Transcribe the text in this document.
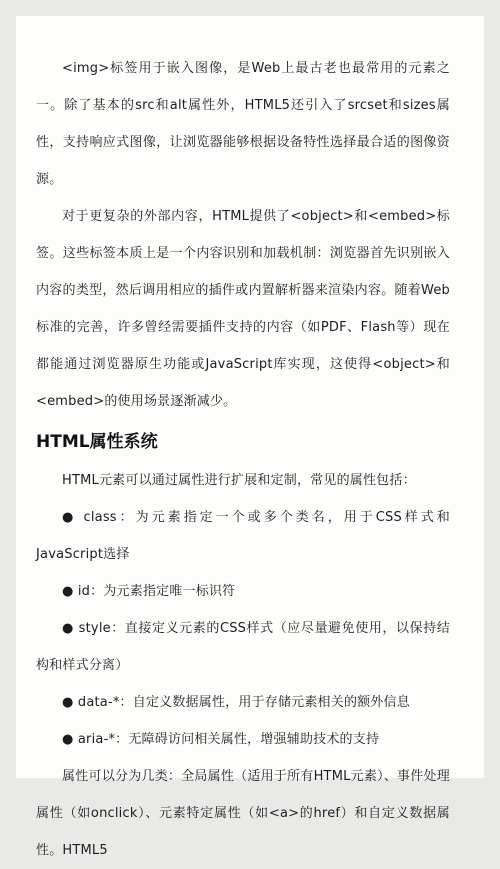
<img>标签用于嵌入图像，是Web上最古老也最常用的元素之一。除了基本的src和alt属性外，HTML5还引入了srcset和sizes属性，支持响应式图像，让浏览器能够根据设备特性选择最合适的图像资源。

对于更复杂的外部内容，HTML提供了<object>和<embed>标签。这些标签本质上是一个内容识别和加载机制：浏览器首先识别嵌入内容的类型，然后调用相应的插件或内置解析器来渲染内容。随着Web标准的完善，许多曾经需要插件支持的内容（如PDF、Flash等）现在都能通过浏览器原生功能或JavaScript库实现，这使得<object>和<embed>的使用场景逐渐减少。

HTML属性系统

HTML元素可以通过属性进行扩展和定制，常见的属性包括：

● class：为元素指定一个或多个类名，用于CSS样式和JavaScript选择

● id：为元素指定唯一标识符

● style：直接定义元素的CSS样式（应尽量避免使用，以保持结构和样式分离）

● data-*：自定义数据属性，用于存储元素相关的额外信息

● aria-*：无障碍访问相关属性，增强辅助技术的支持

属性可以分为几类：全局属性（适用于所有HTML元素）、事件处理属性（如onclick）、元素特定属性（如<a>的href）和自定义数据属性。HTML5
